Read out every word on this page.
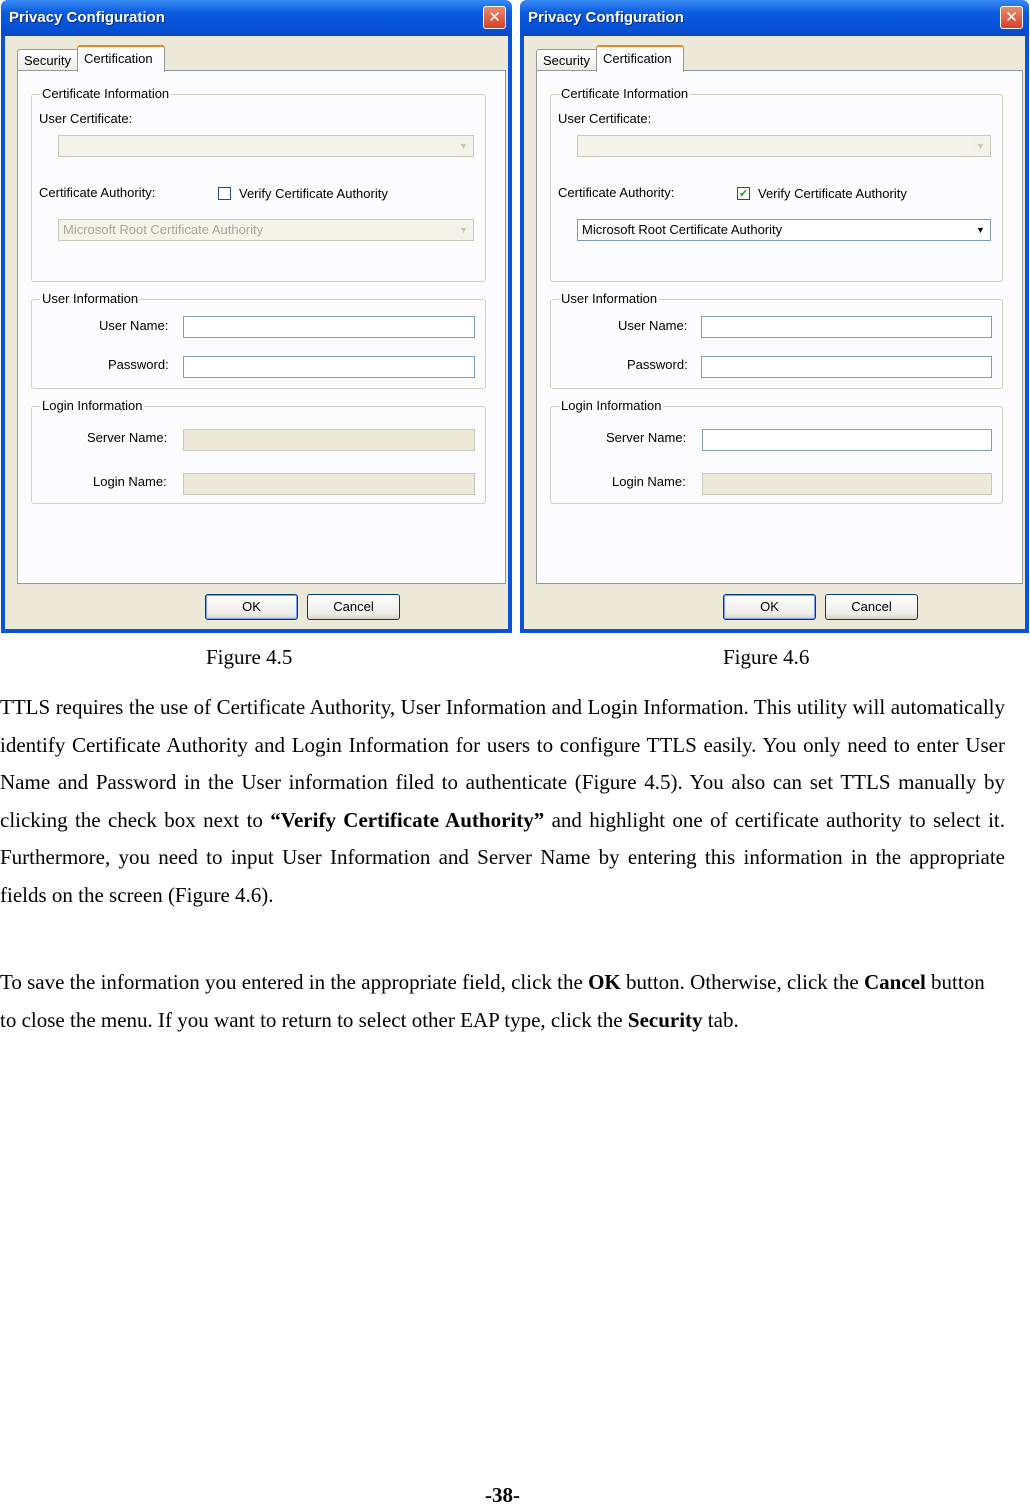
Privacy Configuration	✕
Security	Certification
Certificate Information
User Certificate:
▼
Certificate Authority:	Verify Certificate Authority
Microsoft Root Certificate Authority	▼
User Information
User Name:
Password:
Login Information
Server Name:
Login Name:
OK	Cancel
Privacy Configuration	✕
Security	Certification
Certificate Information
User Certificate:
▼
Certificate Authority:	✔ Verify Certificate Authority
Microsoft Root Certificate Authority	▼
User Information
User Name:
Password:
Login Information
Server Name:
Login Name:
OK	Cancel
Figure 4.5	Figure 4.6
TTLS requires the use of Certificate Authority, User Information and Login Information. This utility will automatically identify Certificate Authority and Login Information for users to configure TTLS easily. You only need to enter User Name and Password in the User information filed to authenticate (Figure 4.5). You also can set TTLS manually by clicking the check box next to “Verify Certificate Authority” and highlight one of certificate authority to select it. Furthermore, you need to input User Information and Server Name by entering this information in the appropriate fields on the screen (Figure 4.6).
To save the information you entered in the appropriate field, click the OK button. Otherwise, click the Cancel button to close the menu. If you want to return to select other EAP type, click the Security tab.
-38-
